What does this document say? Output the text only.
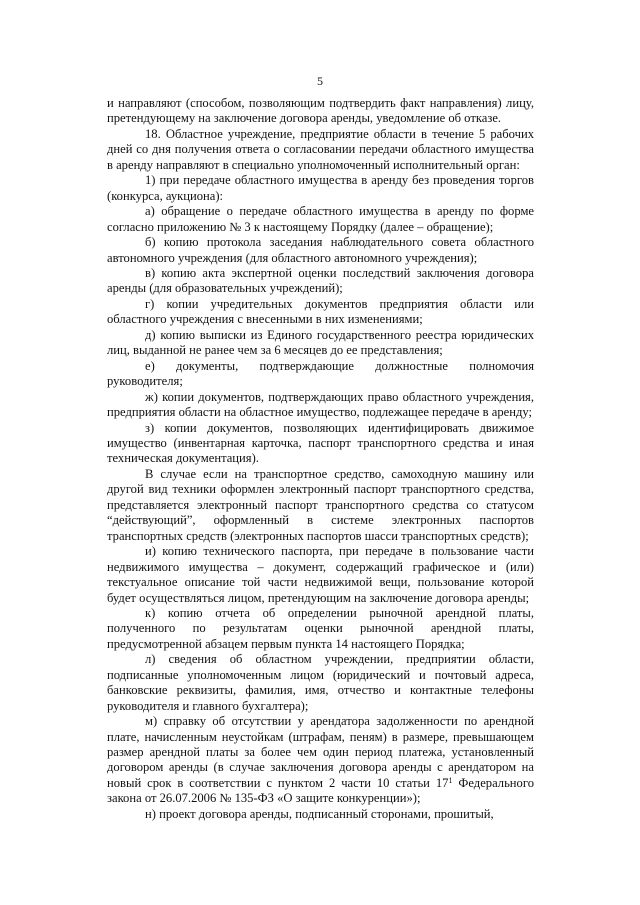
5

и направляют (способом, позволяющим подтвердить факт направления) лицу, претендующему на заключение договора аренды, уведомление об отказе.

18. Областное учреждение, предприятие области в течение 5 рабочих дней со дня получения ответа о согласовании передачи областного имущества в аренду направляют в специально уполномоченный исполнительный орган:

1) при передаче областного имущества в аренду без проведения торгов (конкурса, аукциона):

а) обращение о передаче областного имущества в аренду по форме согласно приложению № 3 к настоящему Порядку (далее – обращение);

б) копию протокола заседания наблюдательного совета областного автономного учреждения (для областного автономного учреждения);

в) копию акта экспертной оценки последствий заключения договора аренды (для образовательных учреждений);

г) копии учредительных документов предприятия области или областного учреждения с внесенными в них изменениями;

д) копию выписки из Единого государственного реестра юридических лиц, выданной не ранее чем за 6 месяцев до ее представления;

е) документы, подтверждающие должностные полномочия руководителя;

ж) копии документов, подтверждающих право областного учреждения, предприятия области на областное имущество, подлежащее передаче в аренду;

з) копии документов, позволяющих идентифицировать движимое имущество (инвентарная карточка, паспорт транспортного средства и иная техническая документация).

В случае если на транспортное средство, самоходную машину или другой вид техники оформлен электронный паспорт транспортного средства, представляется электронный паспорт транспортного средства со статусом “действующий”, оформленный в системе электронных паспортов транспортных средств (электронных паспортов шасси транспортных средств);

и) копию технического паспорта, при передаче в пользование части недвижимого имущества – документ, содержащий графическое и (или) текстуальное описание той части недвижимой вещи, пользование которой будет осуществляться лицом, претендующим на заключение договора аренды;

к) копию отчета об определении рыночной арендной платы, полученного по результатам оценки рыночной арендной платы, предусмотренной абзацем первым пункта 14 настоящего Порядка;

л) сведения об областном учреждении, предприятии области, подписанные уполномоченным лицом (юридический и почтовый адреса, банковские реквизиты, фамилия, имя, отчество и контактные телефоны руководителя и главного бухгалтера);

м) справку об отсутствии у арендатора задолженности по арендной плате, начисленным неустойкам (штрафам, пеням) в размере, превышающем размер арендной платы за более чем один период платежа, установленный договором аренды (в случае заключения договора аренды с арендатором на новый срок в соответствии с пунктом 2 части 10 статьи $17^1$ Федерального закона от 26.07.2006 № 135-ФЗ «О защите конкуренции»);

н) проект договора аренды, подписанный сторонами, прошитый,
